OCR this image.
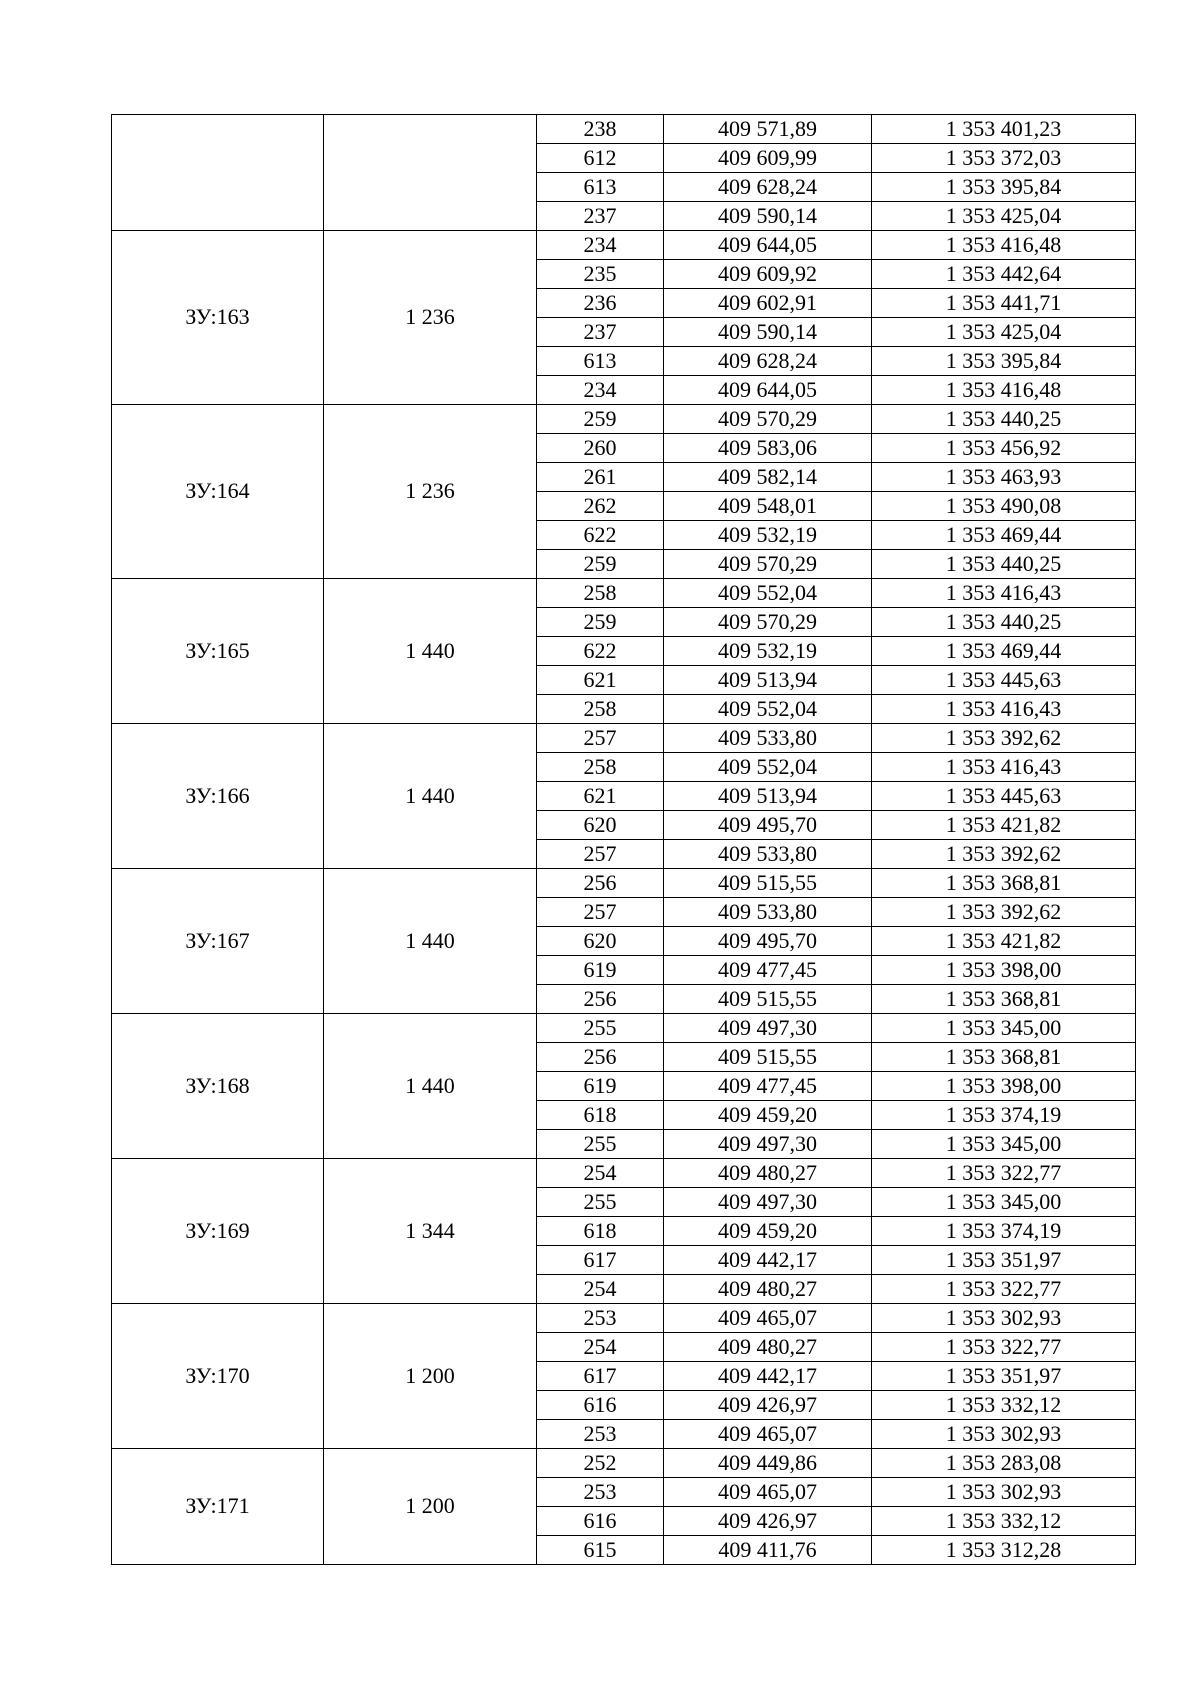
		238	409 571,89	1 353 401,23
		612	409 609,99	1 353 372,03
		613	409 628,24	1 353 395,84
		237	409 590,14	1 353 425,04
ЗУ:163	1 236	234	409 644,05	1 353 416,48
		235	409 609,92	1 353 442,64
		236	409 602,91	1 353 441,71
		237	409 590,14	1 353 425,04
		613	409 628,24	1 353 395,84
		234	409 644,05	1 353 416,48
ЗУ:164	1 236	259	409 570,29	1 353 440,25
		260	409 583,06	1 353 456,92
		261	409 582,14	1 353 463,93
		262	409 548,01	1 353 490,08
		622	409 532,19	1 353 469,44
		259	409 570,29	1 353 440,25
ЗУ:165	1 440	258	409 552,04	1 353 416,43
		259	409 570,29	1 353 440,25
		622	409 532,19	1 353 469,44
		621	409 513,94	1 353 445,63
		258	409 552,04	1 353 416,43
ЗУ:166	1 440	257	409 533,80	1 353 392,62
		258	409 552,04	1 353 416,43
		621	409 513,94	1 353 445,63
		620	409 495,70	1 353 421,82
		257	409 533,80	1 353 392,62
ЗУ:167	1 440	256	409 515,55	1 353 368,81
		257	409 533,80	1 353 392,62
		620	409 495,70	1 353 421,82
		619	409 477,45	1 353 398,00
		256	409 515,55	1 353 368,81
ЗУ:168	1 440	255	409 497,30	1 353 345,00
		256	409 515,55	1 353 368,81
		619	409 477,45	1 353 398,00
		618	409 459,20	1 353 374,19
		255	409 497,30	1 353 345,00
ЗУ:169	1 344	254	409 480,27	1 353 322,77
		255	409 497,30	1 353 345,00
		618	409 459,20	1 353 374,19
		617	409 442,17	1 353 351,97
		254	409 480,27	1 353 322,77
ЗУ:170	1 200	253	409 465,07	1 353 302,93
		254	409 480,27	1 353 322,77
		617	409 442,17	1 353 351,97
		616	409 426,97	1 353 332,12
		253	409 465,07	1 353 302,93
ЗУ:171	1 200	252	409 449,86	1 353 283,08
		253	409 465,07	1 353 302,93
		616	409 426,97	1 353 332,12
		615	409 411,76	1 353 312,28
